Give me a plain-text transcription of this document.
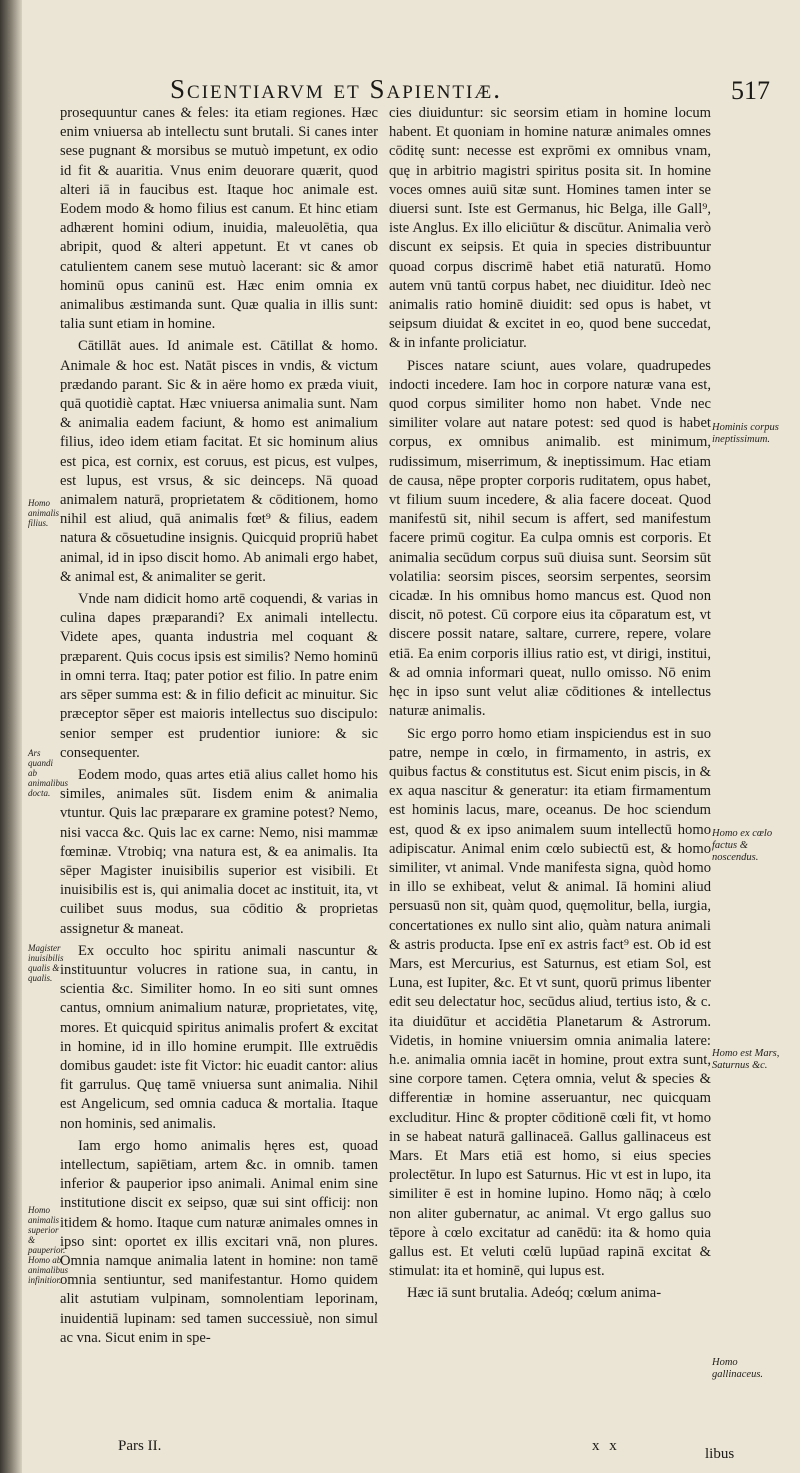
Scientiarvm et Sapientiæ.	517

prosequuntur canes & feles: ita etiam regiones. Hæc enim vniuersa ab intellectu sunt brutali. Si canes inter sese pugnant & morsibus se mutuò impetunt, ex odio id fit & auaritia. Vnus enim deuorare quærit, quod alteri iā in faucibus est. Itaque hoc animale est. Eodem modo & homo filius est canum. Et hinc etiam adhærent homini odium, inuidia, maleuolētia, qua abripit, quod & alteri appetunt. Et vt canes ob catulientem canem sese mutuò lacerant: sic & amor hominū opus caninū est. Hæc enim omnia ex animalibus æstimanda sunt. Quæ qualia in illis sunt: talia sunt etiam in homine.

Cātillāt aues. Id animale est. Cātillat & homo. Animale & hoc est. Natāt pisces in vndis, & victum prædando parant. Sic & in aëre homo ex præda viuit, quā quotidiè captat. Hæc vniuersa animalia sunt. Nam & animalia eadem faciunt, & homo est animalium filius, ideo idem etiam facitat. Et sic hominum alius est pica, est cornix, est coruus, est picus, est vulpes, est lupus, est vrsus, & sic deinceps. Nā quoad animalem naturā, proprietatem & cōditionem, homo nihil est aliud, quā animalis fœt⁹ & filius, eadem natura & cōsuetudine insignis. Quicquid propriū habet animal, id in ipso discit homo. Ab animali ergo habet, & animal est, & animaliter se gerit.

Vnde nam didicit homo artē coquendi, & varias in culina dapes præparandi? Ex animali intellectu. Videte apes, quanta industria mel coquant & præparent. Quis cocus ipsis est similis? Nemo hominū in omni terra. Itaq; pater potior est filio. In patre enim ars sēper summa est: & in filio deficit ac minuitur. Sic præceptor sēper est maioris intellectus suo discipulo: senior semper est prudentior iuniore: & sic consequenter.

Eodem modo, quas artes etiā alius callet homo his similes, animales sūt. Iisdem enim & animalia vtuntur. Quis lac præparare ex gramine potest? Nemo, nisi vacca &c. Quis lac ex carne: Nemo, nisi mammæ fœminæ. Vtrobiq; vna natura est, & ea animalis. Ita sēper Magister inuisibilis superior est visibili. Et inuisibilis est is, qui animalia docet ac instituit, ita, vt cuilibet suus modus, sua cōditio & proprietas assignetur & maneat.

Ex occulto hoc spiritu animali nascuntur & instituuntur volucres in ratione sua, in cantu, in scientia &c. Similiter homo. In eo siti sunt omnes cantus, omnium animalium naturæ, proprietates, vitę, mores. Et quicquid spiritus animalis profert & excitat in homine, id in illo homine erumpit. Ille extruēdis domibus gaudet: iste fit Victor: hic euadit cantor: alius fit garrulus. Quę tamē vniuersa sunt animalia. Nihil est Angelicum, sed omnia caduca & mortalia. Itaque non hominis, sed animalis.

Iam ergo homo animalis hęres est, quoad intellectum, sapiētiam, artem &c. in omnib. tamen inferior & pauperior ipso animali. Animal enim sine institutione discit ex seipso, quæ sui sint officij: non itidem & homo. Itaque cum naturæ animales omnes in ipso sint: oportet ex illis excitari vnā, non plures. Omnia namque animalia latent in homine: non tamē omnia sentiuntur, sed manifestantur. Homo quidem alit astutiam vulpinam, somnolentiam leporinam, inuidentiā lupinam: sed tamen successiuè, non simul ac vna. Sicut enim in spe-

cies diuiduntur: sic seorsim etiam in homine locum habent. Et quoniam in homine naturæ animales omnes cōditę sunt: necesse est exprōmi ex omnibus vnam, quę in arbitrio magistri spiritus posita sit. In homine voces omnes auiū sitæ sunt. Homines tamen inter se diuersi sunt. Iste est Germanus, hic Belga, ille Gall⁹, iste Anglus. Ex illo eliciūtur & discūtur. Animalia verò discunt ex seipsis. Et quia in species distribuuntur quoad corpus discrimē habet etiā naturatū. Homo autem vnū tantū corpus habet, nec diuiditur. Ideò nec animalis ratio hominē diuidit: sed opus is habet, vt seipsum diuidat & excitet in eo, quod bene succedat, & in infante proliciatur.

Pisces natare sciunt, aues volare, quadrupedes indocti incedere. Iam hoc in corpore naturæ vana est, quod corpus similiter homo non habet. Vnde nec similiter volare aut natare potest: sed quod is habet corpus, ex omnibus animalib. est minimum, rudissimum, miserrimum, & ineptissimum. Hac etiam de causa, nēpe propter corporis ruditatem, opus habet, vt filium suum incedere, & alia facere doceat. Quod manifestū sit, nihil secum is affert, sed manifestum facere primū cogitur. Ea culpa omnis est corporis. Et animalia secūdum corpus suū diuisa sunt. Seorsim sūt volatilia: seorsim pisces, seorsim serpentes, seorsim cicadæ. In his omnibus homo mancus est. Quod non discit, nō potest. Cū corpore eius ita cōparatum est, vt discere possit natare, saltare, currere, repere, volare etiā. Ea enim corporis illius ratio est, vt dirigi, institui, & ad omnia informari queat, nullo omisso. Nō enim hęc in ipso sunt velut aliæ cōditiones & intellectus naturæ animalis.

Sic ergo porro homo etiam inspiciendus est in suo patre, nempe in cœlo, in firmamento, in astris, ex quibus factus & constitutus est. Sicut enim piscis, in & ex aqua nascitur & generatur: ita etiam firmamentum est hominis lacus, mare, oceanus. De hoc sciendum est, quod & ex ipso animalem suum intellectū homo adipiscatur. Animal enim cœlo subiectū est, & homo similiter, vt animal. Vnde manifesta signa, quòd homo in illo se exhibeat, velut & animal. Iā homini aliud persuasū non sit, quàm quod, quęmolitur, bella, iurgia, concertationes ex nullo sint alio, quàm natura animali & astris producta. Ipse enī ex astris fact⁹ est. Ob id est Mars, est Mercurius, est Saturnus, est etiam Sol, est Luna, est Iupiter, &c. Et vt sunt, quorū primus libenter edit seu delectatur hoc, secūdus aliud, tertius isto, & c. ita diuidūtur et accidētia Planetarum & Astrorum. Videtis, in homine vniuersim omnia animalia latere: h.e. animalia omnia iacēt in homine, prout extra sunt, sine corpore tamen. Cętera omnia, velut & species & differentiæ in homine asseruantur, nec quicquam excluditur. Hinc & propter cōditionē cœli fit, vt homo in se habeat naturā gallinaceā. Gallus gallinaceus est Mars. Et Mars etiā est homo, si eius species prolectētur. In lupo est Saturnus. Hic vt est in lupo, ita similiter ē est in homine lupino. Homo nāq; à cœlo non aliter gubernatur, ac animal. Vt ergo gallus suo tēpore à cœlo excitatur ad canēdū: ita & homo quia gallus est. Et veluti cœlū lupūad rapinā excitat & stimulat: ita et hominē, qui lupus est.

Hæc iā sunt brutalia. Adeóq; cœlum anima-

Homo animalis filius.
Ars quandi ab animalibus docta.
Magister inuisibilis qualis & qualis.
Homo animalis superior & pauperior. Homo ab animalibus infinitior.
Hominis corpus ineptissimum.
Homo ex cœlo factus & noscendus.
Homo est Mars, Saturnus &c.
Homo gallinaceus.
Pars II.	x x	libus
